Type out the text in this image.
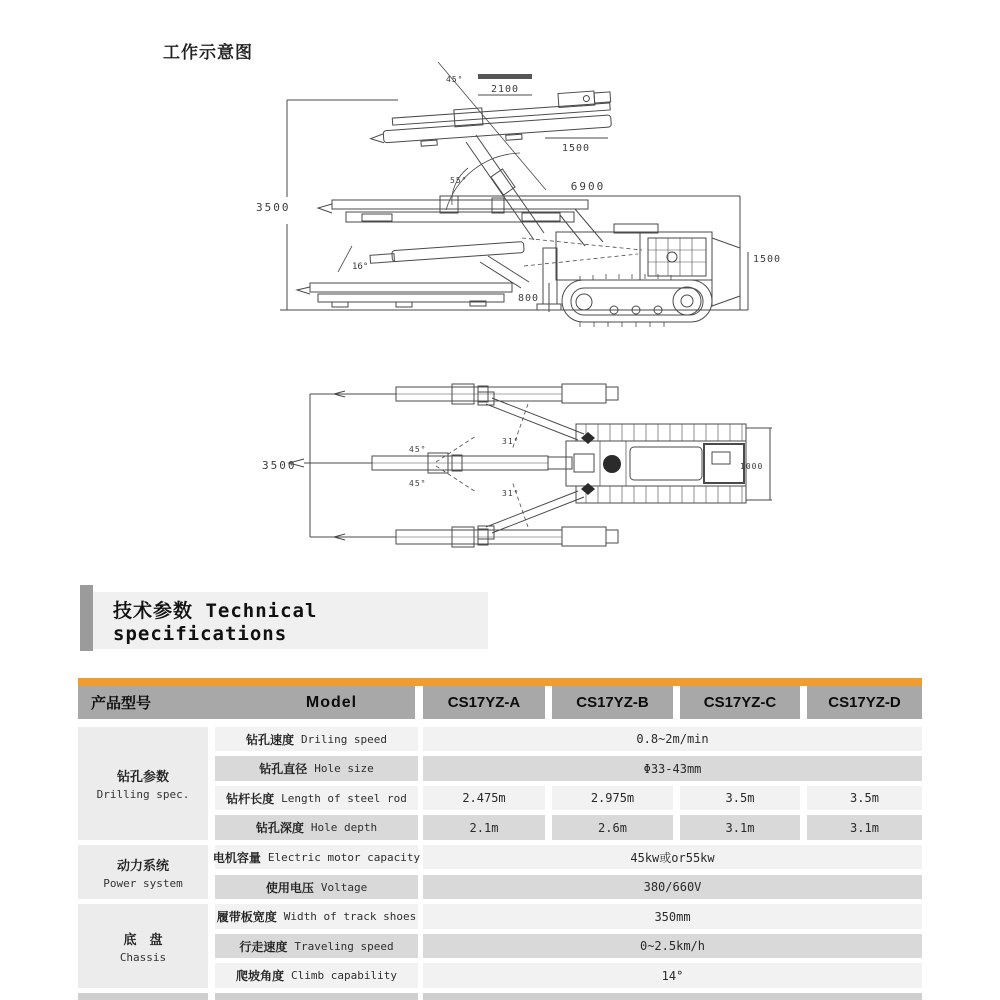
工作示意图
3500
2100
1500
6900
1500
800
45°
55°
16°
3500	1000
45°
45°
31°
31°
技术参数 Technical specifications
产品型号	Model	CS17YZ-A	CS17YZ-B	CS17YZ-C	CS17YZ-D
钻孔参数
Drilling spec.
动力系统
Power system
底　盘
Chassis
钻孔速度 Driling speed	0.8~2m/min
钻孔直径 Hole size	Φ33-43mm
钻杆长度 Length of steel rod	2.475m	2.975m	3.5m	3.5m
钻孔深度 Hole depth	2.1m	2.6m	3.1m	3.1m
电机容量 Electric motor capacity	45kw或or55kw
使用电压 Voltage	380/660V
履带板宽度 Width of track shoes	350mm
行走速度 Traveling speed	0~2.5km/h
爬坡角度 Climb capability	14°
